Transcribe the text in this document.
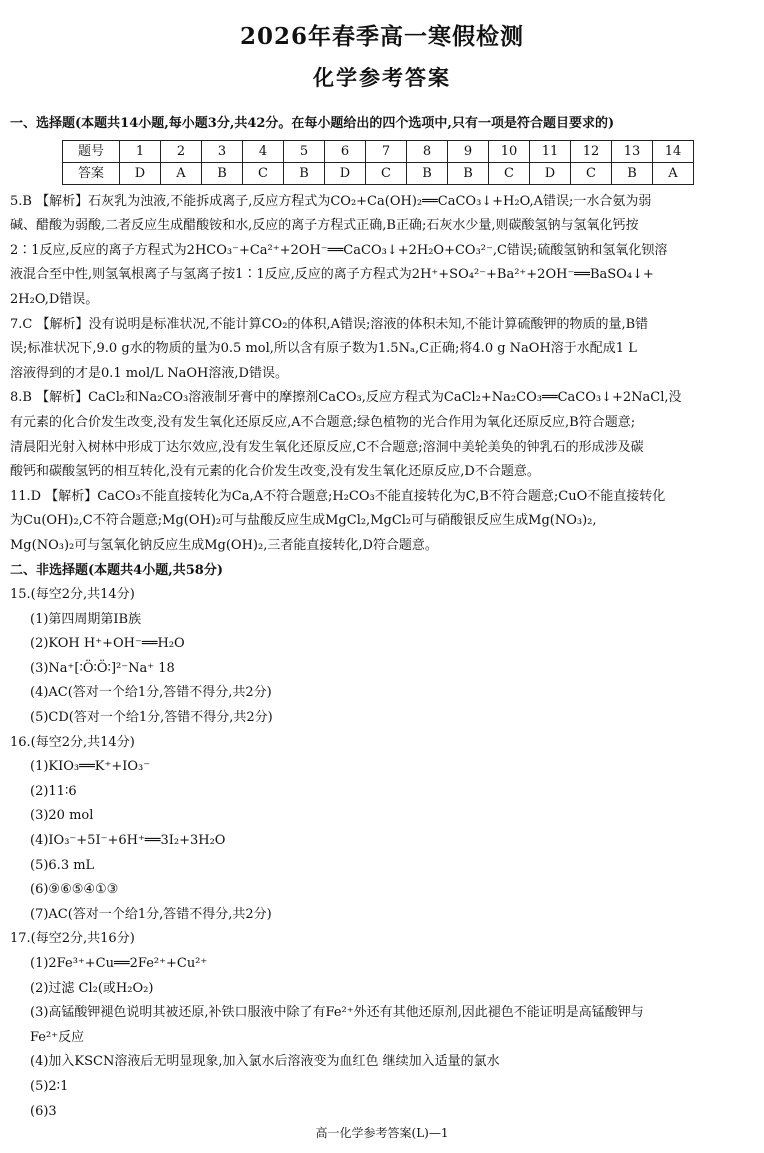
2026年春季高一寒假检测
化学参考答案
一、选择题(本题共14小题,每小题3分,共42分。在每小题给出的四个选项中,只有一项是符合题目要求的)
题号	1	2	3	4	5	6	7	8	9	10	11	12	13	14
答案	D	A	B	C	B	D	C	B	B	C	D	C	B	A
5.B 【解析】石灰乳为浊液,不能拆成离子,反应方程式为CO₂+Ca(OH)₂══CaCO₃↓+H₂O,A错误;一水合氨为弱
碱、醋酸为弱酸,二者反应生成醋酸铵和水,反应的离子方程式正确,B正确;石灰水少量,则碳酸氢钠与氢氧化钙按
2∶1反应,反应的离子方程式为2HCO₃⁻+Ca²⁺+2OH⁻══CaCO₃↓+2H₂O+CO₃²⁻,C错误;硫酸氢钠和氢氧化钡溶
液混合至中性,则氢氧根离子与氢离子按1∶1反应,反应的离子方程式为2H⁺+SO₄²⁻+Ba²⁺+2OH⁻══BaSO₄↓+
2H₂O,D错误。
7.C 【解析】没有说明是标准状况,不能计算CO₂的体积,A错误;溶液的体积未知,不能计算硫酸钾的物质的量,B错
误;标准状况下,9.0 g水的物质的量为0.5 mol,所以含有原子数为1.5Nₐ,C正确;将4.0 g NaOH溶于水配成1 L
溶液得到的才是0.1 mol/L NaOH溶液,D错误。
8.B 【解析】CaCl₂和Na₂CO₃溶液制牙膏中的摩擦剂CaCO₃,反应方程式为CaCl₂+Na₂CO₃══CaCO₃↓+2NaCl,没
有元素的化合价发生改变,没有发生氧化还原反应,A不合题意;绿色植物的光合作用为氧化还原反应,B符合题意;
清晨阳光射入树林中形成丁达尔效应,没有发生氧化还原反应,C不合题意;溶洞中美轮美奂的钟乳石的形成涉及碳
酸钙和碳酸氢钙的相互转化,没有元素的化合价发生改变,没有发生氧化还原反应,D不合题意。
11.D 【解析】CaCO₃不能直接转化为Ca,A不符合题意;H₂CO₃不能直接转化为C,B不符合题意;CuO不能直接转化
为Cu(OH)₂,C不符合题意;Mg(OH)₂可与盐酸反应生成MgCl₂,MgCl₂可与硝酸银反应生成Mg(NO₃)₂,
Mg(NO₃)₂可与氢氧化钠反应生成Mg(OH)₂,三者能直接转化,D符合题意。
二、非选择题(本题共4小题,共58分)
15.(每空2分,共14分)
(1)第四周期第ⅠB族
(2)KOH H⁺+OH⁻══H₂O
(3)Na⁺[∶Ö∶Ö∶]²⁻Na⁺ 18
(4)AC(答对一个给1分,答错不得分,共2分)
(5)CD(答对一个给1分,答错不得分,共2分)
16.(每空2分,共14分)
(1)KIO₃══K⁺+IO₃⁻
(2)11∶6
(3)20 mol
(4)IO₃⁻+5I⁻+6H⁺══3I₂+3H₂O
(5)6.3 mL
(6)⑨⑥⑤④①③
(7)AC(答对一个给1分,答错不得分,共2分)
17.(每空2分,共16分)
(1)2Fe³⁺+Cu══2Fe²⁺+Cu²⁺
(2)过滤 Cl₂(或H₂O₂)
(3)高锰酸钾褪色说明其被还原,补铁口服液中除了有Fe²⁺外还有其他还原剂,因此褪色不能证明是高锰酸钾与
Fe²⁺反应
(4)加入KSCN溶液后无明显现象,加入氯水后溶液变为血红色 继续加入适量的氯水
(5)2∶1
(6)3
高一化学参考答案(L)—1
